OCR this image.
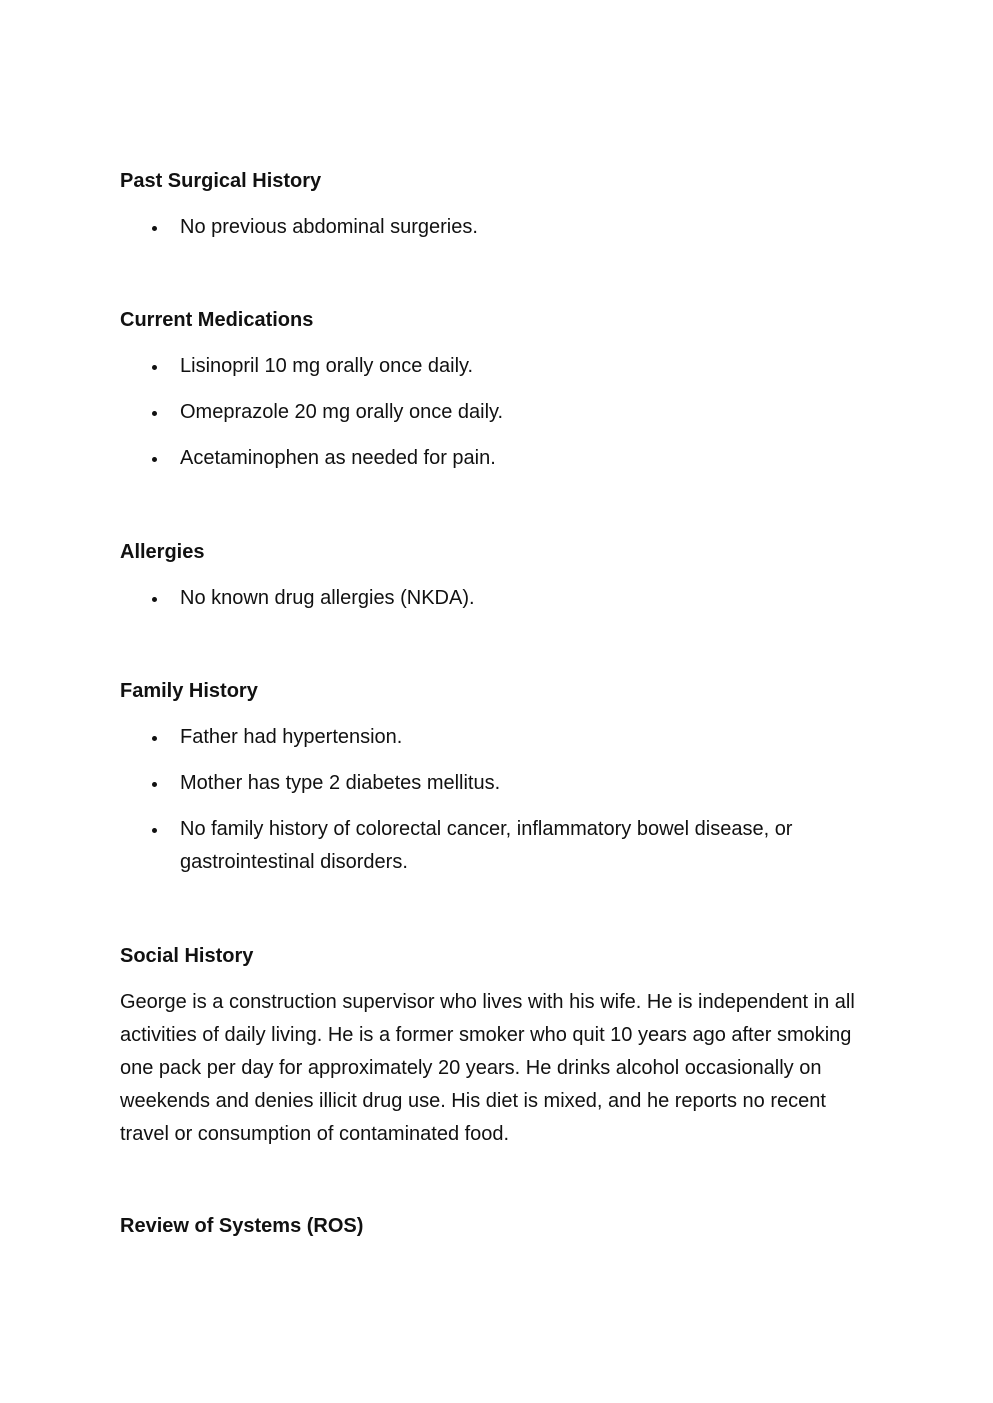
Past Surgical History
No previous abdominal surgeries.
Current Medications
Lisinopril 10 mg orally once daily.
Omeprazole 20 mg orally once daily.
Acetaminophen as needed for pain.
Allergies
No known drug allergies (NKDA).
Family History
Father had hypertension.
Mother has type 2 diabetes mellitus.
No family history of colorectal cancer, inflammatory bowel disease, or gastrointestinal disorders.
Social History

George is a construction supervisor who lives with his wife. He is independent in all activities of daily living. He is a former smoker who quit 10 years ago after smoking one pack per day for approximately 20 years. He drinks alcohol occasionally on weekends and denies illicit drug use. His diet is mixed, and he reports no recent travel or consumption of contaminated food.

Review of Systems (ROS)
